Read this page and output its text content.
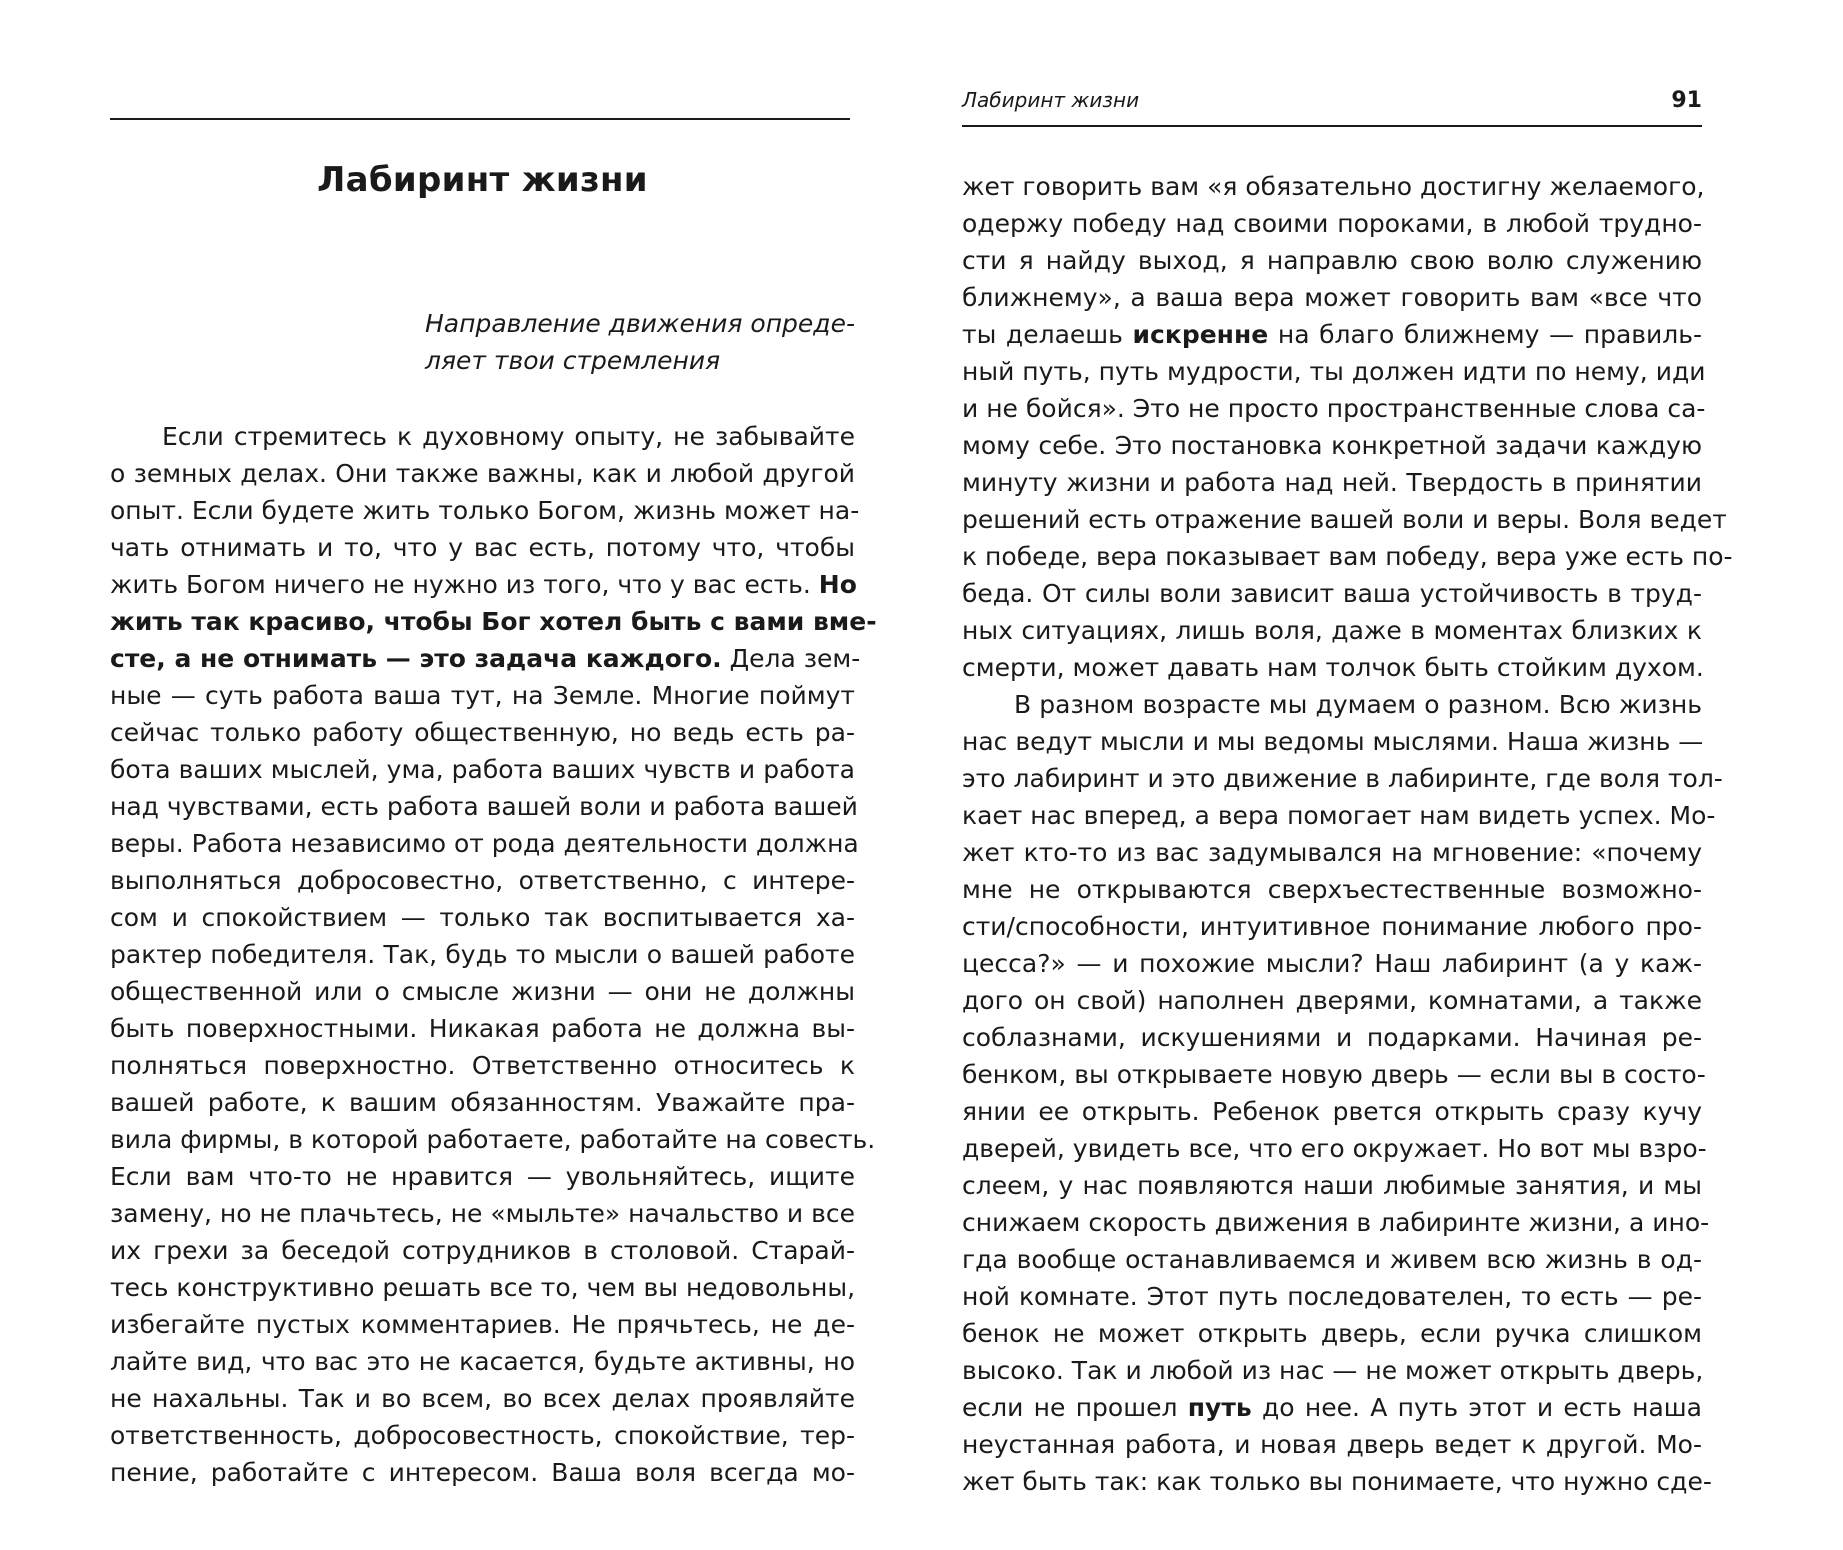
Лабиринт жизни
Направление движения опреде-
ляет твои стремления
Если стремитесь к духовному опыту, не забывайте
о земных делах. Они также важны, как и любой другой
опыт. Если будете жить только Богом, жизнь может на-
чать отнимать и то, что у вас есть, потому что, чтобы
жить Богом ничего не нужно из того, что у вас есть. Но
жить так красиво, чтобы Бог хотел быть с вами вме-
сте, а не отнимать — это задача каждого. Дела зем-
ные — суть работа ваша тут, на Земле. Многие поймут
сейчас только работу общественную, но ведь есть ра-
бота ваших мыслей, ума, работа ваших чувств и работа
над чувствами, есть работа вашей воли и работа вашей
веры. Работа независимо от рода деятельности должна
выполняться добросовестно, ответственно, с интере-
сом и спокойствием — только так воспитывается ха-
рактер победителя. Так, будь то мысли о вашей работе
общественной или о смысле жизни — они не должны
быть поверхностными. Никакая работа не должна вы-
полняться поверхностно. Ответственно относитесь к
вашей работе, к вашим обязанностям. Уважайте пра-
вила фирмы, в которой работаете, работайте на совесть.
Если вам что-то не нравится — увольняйтесь, ищите
замену, но не плачьтесь, не «мыльте» начальство и все
их грехи за беседой сотрудников в столовой. Старай-
тесь конструктивно решать все то, чем вы недовольны,
избегайте пустых комментариев. Не прячьтесь, не де-
лайте вид, что вас это не касается, будьте активны, но
не нахальны. Так и во всем, во всех делах проявляйте
ответственность, добросовестность, спокойствие, тер-
пение, работайте с интересом. Ваша воля всегда мо-
Лабиринт жизни	91
жет говорить вам «я обязательно достигну желаемого,
одержу победу над своими пороками, в любой трудно-
сти я найду выход, я направлю свою волю служению
ближнему», а ваша вера может говорить вам «все что
ты делаешь искренне на благо ближнему — правиль-
ный путь, путь мудрости, ты должен идти по нему, иди
и не бойся». Это не просто пространственные слова са-
мому себе. Это постановка конкретной задачи каждую
минуту жизни и работа над ней. Твердость в принятии
решений есть отражение вашей воли и веры. Воля ведет
к победе, вера показывает вам победу, вера уже есть по-
беда. От силы воли зависит ваша устойчивость в труд-
ных ситуациях, лишь воля, даже в моментах близких к
смерти, может давать нам толчок быть стойким духом.
В разном возрасте мы думаем о разном. Всю жизнь
нас ведут мысли и мы ведомы мыслями. Наша жизнь —
это лабиринт и это движение в лабиринте, где воля тол-
кает нас вперед, а вера помогает нам видеть успех. Мо-
жет кто-то из вас задумывался на мгновение: «почему
мне не открываются сверхъестественные возможно-
сти/способности, интуитивное понимание любого про-
цесса?» — и похожие мысли? Наш лабиринт (а у каж-
дого он свой) наполнен дверями, комнатами, а также
соблазнами, искушениями и подарками. Начиная ре-
бенком, вы открываете новую дверь — если вы в состо-
янии ее открыть. Ребенок рвется открыть сразу кучу
дверей, увидеть все, что его окружает. Но вот мы взро-
слеем, у нас появляются наши любимые занятия, и мы
снижаем скорость движения в лабиринте жизни, а ино-
гда вообще останавливаемся и живем всю жизнь в од-
ной комнате. Этот путь последователен, то есть — ре-
бенок не может открыть дверь, если ручка слишком
высоко. Так и любой из нас — не может открыть дверь,
если не прошел путь до нее. А путь этот и есть наша
неустанная работа, и новая дверь ведет к другой. Мо-
жет быть так: как только вы понимаете, что нужно сде-
